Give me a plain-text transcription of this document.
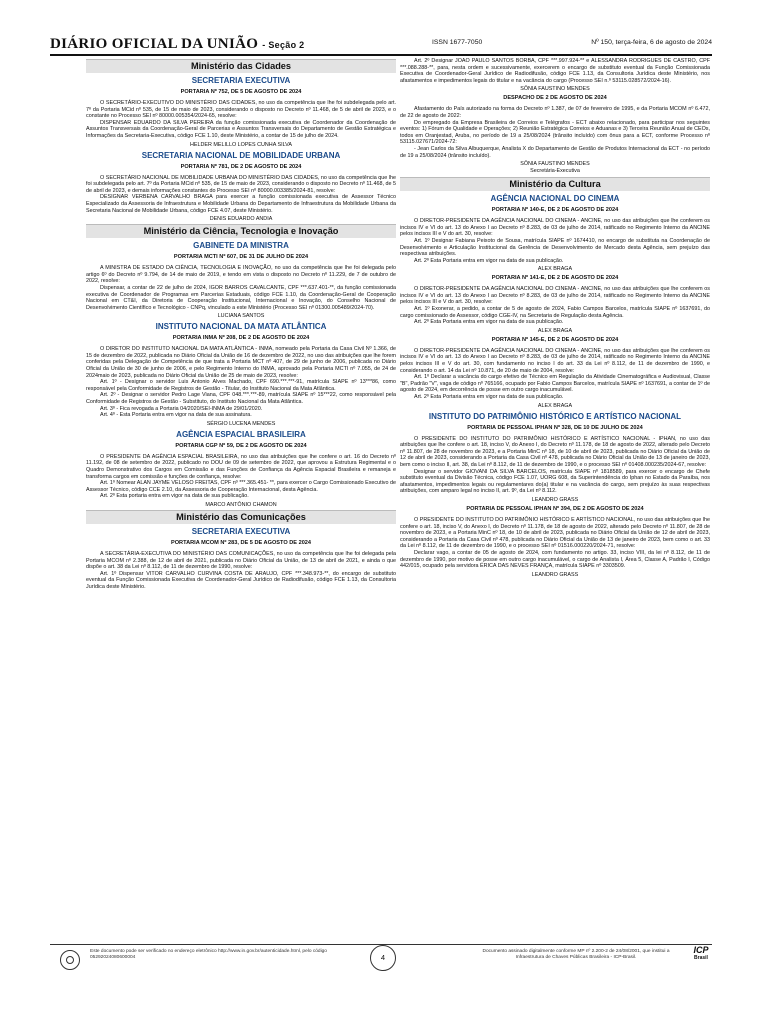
DIÁRIO OFICIAL DA UNIÃO - Seção 2	ISSN 1677-7050	Nº 150, terça-feira, 6 de agosto de 2024
Ministério das Cidades
SECRETARIA EXECUTIVA
PORTARIA Nº 752, DE 5 DE AGOSTO DE 2024

O SECRETÁRIO-EXECUTIVO DO MINISTÉRIO DAS CIDADES, no uso da competência que lhe foi subdelegada pelo art. 7º da Portaria MCid nº 535, de 15 de maio de 2023, considerando o disposto no Decreto nº 11.468, de 5 de abril de 2023, e o constante no Processo SEI nº 80000.005354/2024-65, resolve:

DISPENSAR EDUARDO DA SILVA PEREIRA da função comissionada executiva de Coordenador da Coordenação de Assuntos Transversais da Coordenação-Geral de Parcerias e Assuntos Transversais do Departamento de Gestão Estratégica e Informações da Secretaria-Executiva, código FCE 1.10, deste Ministério, a contar de 15 de julho de 2024.

HELDER MELILLO LOPES CUNHA SILVA
SECRETARIA NACIONAL DE MOBILIDADE URBANA
PORTARIA Nº 781, DE 2 DE AGOSTO DE 2024

O SECRETÁRIO NACIONAL DE MOBILIDADE URBANA DO MINISTÉRIO DAS CIDADES, no uso da competência que lhe foi subdelegada pelo art. 7º da Portaria MCid nº 535, de 15 de maio de 2023, considerando o disposto no Decreto nº 11.468, de 5 de abril de 2023, e demais informações constantes do Processo SEI nº 80000.003385/2024-81, resolve:

DESIGNAR VERBENA CARVALHO BRAGA para exercer a função comissionada executiva de Assessor Técnico Especializado da Assessoria de Infraestrutura e Mobilidade Urbana do Departamento de Infraestrutura da Mobilidade Urbana da Secretaria Nacional de Mobilidade Urbana, código FCE 4.07, deste Ministério.

DENIS EDUARDO ANDIA
Ministério da Ciência, Tecnologia e Inovação
GABINETE DA MINISTRA
PORTARIA MCTI Nº 607, DE 31 DE JULHO DE 2024

A MINISTRA DE ESTADO DA CIÊNCIA, TECNOLOGIA E INOVAÇÃO, no uso da competência que lhe foi delegada pelo artigo 6º do Decreto nº 9.794, de 14 de maio de 2019, e tendo em vista o disposto no Decreto nº 11.229, de 7 de outubro de 2022, resolve:

Dispensar, a contar de 22 de julho de 2024, IGOR BARROS CAVALCANTE, CPF ***.637.401-**, da função comissionada executiva de Coordenador de Programas em Parcerias Estaduais, código FCE 1.10, da Coordenação-Geral de Cooperação Nacional em CT&I, da Diretoria de Cooperação Institucional, Internacional e Inovação, do Conselho Nacional de Desenvolvimento Científico e Tecnológico - CNPq, vinculado a este Ministério (Processo SEI nº 01300.005489/2024-70).

LUCIANA SANTOS
INSTITUTO NACIONAL DA MATA ATLÂNTICA
PORTARIA INMA Nº 208, DE 2 DE AGOSTO DE 2024

O DIRETOR DO INSTITUTO NACIONAL DA MATA ATLÂNTICA - INMA, nomeado pela Portaria da Casa Civil Nº 1.366, de 15 de dezembro de 2022, publicada no Diário Oficial da União de 16 de dezembro de 2022, no uso das atribuições que lhe forem conferidas pela Delegação de Competência de que trata a Portaria MCT nº 407, de 29 de junho de 2006, publicada no Diário Oficial da União de 30 de junho de 2006, e pelo Regimento Interno do INMA, aprovado pela Portaria MCTI nº 7.055, de 24 de 2024maio de 2023, publicada no Diário Oficial da União de 25 de maio de 2023, resolve:

Art. 1º - Designar o servidor Luis Antonio Alves Machado, CPF 690.***.***-91, matrícula SIAPE nº 13***86, como responsável pela Conformidade de Registros de Gestão - Titular, do Instituto Nacional da Mata Atlântica.

Art. 2º - Designar o servidor Pedro Lage Viana, CPF 048.***.***-89, matrícula SIAPE nº 15***22, como responsável pela Conformidade de Registros de Gestão - Substituto, do Instituto Nacional da Mata Atlântica.

Art. 3º - Fica revogada a Portaria 04/2020/SEI-INMA de 29/01/2020.

Art. 4º - Esta Portaria entra em vigor na data de sua assinatura.

SÉRGIO LUCENA MENDES
AGÊNCIA ESPACIAL BRASILEIRA
PORTARIA CGP Nº 59, DE 2 DE AGOSTO DE 2024

O PRESIDENTE DA AGÊNCIA ESPACIAL BRASILEIRA, no uso das atribuições que lhe confere o art. 16 do Decreto nº 11.192, de 08 de setembro de 2022, publicado no DOU de 09 de setembro de 2022, que aprovou a Estrutura Regimental e o Quadro Demonstrativo dos Cargos em Comissão e das Funções de Confiança da Agência Espacial Brasileira e remaneja e transforma cargos em comissão e funções de confiança, resolve:

Art. 1º Nomear ALAN JAYME VELOSO FREITAS, CPF nº ***.365.451- **, para exercer o Cargo Comissionado Executivo de Assessor Técnico, código CCE 2.10, da Assessoria de Cooperação Internacional, desta Agência.

Art. 2º Esta portaria entra em vigor na data de sua publicação.

MARCO ANTÔNIO CHAMON
Ministério das Comunicações
SECRETARIA EXECUTIVA
PORTARIA MCOM Nº 283, DE 5 DE AGOSTO DE 2024

A SECRETÁRIA-EXECUTIVA DO MINISTÉRIO DAS COMUNICAÇÕES, no uso da competência que lhe foi delegada pela Portaria MCOM nº 2.388, de 12 de abril de 2021, publicada no Diário Oficial da União, de 13 de abril de 2021, e ainda o que dispõe o art. 38 da Lei nº 8.112, de 11 de dezembro de 1990, resolve:

Art. 1º Dispensar VITOR CARVALHO CURVINA COSTA DE ARAUJO, CPF ***.348.973-**, do encargo de substituto eventual da Função Comissionada Executiva de Coordenador-Geral Jurídico de Radiodifusão, código FCE 1.13, da Consultoria Jurídica deste Ministério.

Art. 2º Designar JOAO PAULO SANTOS BORBA, CPF ***.997.924-** e ALESSANDRA RODRIGUES DE CASTRO, CPF ***.088.288-**, para, nesta ordem e sucessivamente, exercerem o encargo de substituto eventual da Função Comissionada Executiva de Coordenador-Geral Jurídico de Radiodifusão, código FCE 1.13, da Consultoria Jurídica deste Ministério, nos afastamentos e impedimentos legais do titular e na vacância do cargo (Processo SEI n.º 53115.028572/2024-16).

SÔNIA FAUSTINO MENDES
DESPACHO DE 2 DE AGOSTO DE 2024

Afastamento do País autorizado na forma do Decreto nº 1.387, de 07 de fevereiro de 1995, e da Portaria MCOM nº 6.472, de 22 de agosto de 2022:

Do empregado da Empresa Brasileira de Correios e Telégrafos - ECT abaixo relacionado, para participar nos seguintes eventos: 1) Fórum de Qualidade e Operações; 2) Reunião Estratégica Correios e Aduanas e 3) Terceira Reunião Anual de CEOs, todos em Oranjestad, Aruba, no período de 19 a 25/08/2024 (trânsito incluído) com ônus para a ECT, conforme Processo nº 53115.027671/2024-72:

- Jean Carlos da Silva Albuquerque, Analista X do Departamento de Gestão de Produtos Internacional da ECT - no período de 19 a 25/08/2024 (trânsito incluído).

SÔNIA FAUSTINO MENDES
Secretária-Executiva
Ministério da Cultura
AGÊNCIA NACIONAL DO CINEMA
PORTARIA Nº 140-E, DE 2 DE AGOSTO DE 2024

O DIRETOR-PRESIDENTE DA AGÊNCIA NACIONAL DO CINEMA - ANCINE, no uso das atribuições que lhe conferem os incisos IV e VI do art. 13 do Anexo I ao Decreto nº 8.283, de 03 de julho de 2014, ratificado no Regimento Interno da ANCINE pelos incisos III e V do art. 30, resolve:

Art. 1º Designar Fabiana Peixoto de Sousa, matrícula SIAPE nº 1674410, no encargo de substituta na Coordenação de Desenvolvimento e Articulação Institucional da Gerência de Desenvolvimento de Mercado desta Agência, sem prejuízo das respectivas atribuições.

Art. 2º Esta Portaria entra em vigor na data de sua publicação.

ALEX BRAGA
PORTARIA Nº 141-E, DE 2 DE AGOSTO DE 2024

O DIRETOR-PRESIDENTE DA AGÊNCIA NACIONAL DO CINEMA - ANCINE, no uso das atribuições que lhe conferem os incisos IV e VI do art. 13 do Anexo I ao Decreto nº 8.283, de 03 de julho de 2014, ratificado no Regimento Interno da ANCINE pelos incisos III e V do art. 30, resolve:

Art. 1º Exonerar, a pedido, a contar de 5 de agosto de 2024, Fabio Campos Barcelos, matrícula SIAPE nº 1637691, do cargo comissionado de Assessor, código CGE-IV, na Secretaria de Regulação desta Agência.

Art. 2º Esta Portaria entra em vigor na data de sua publicação.

ALEX BRAGA
PORTARIA Nº 145-E, DE 2 DE AGOSTO DE 2024

O DIRETOR-PRESIDENTE DA AGÊNCIA NACIONAL DO CINEMA - ANCINE, no uso das atribuições que lhe conferem os incisos IV e VI do art. 13 do Anexo I ao Decreto nº 8.283, de 03 de julho de 2014, ratificado no Regimento Interno da ANCINE pelos incisos III e V do art. 30, com fundamento no inciso I do art. 33 da Lei nº 8.112, de 11 de dezembro de 1990, e considerando o art. 14 da Lei nº 10.871, de 20 de maio de 2004, resolve:

Art. 1º Declarar a vacância do cargo efetivo de Técnico em Regulação da Atividade Cinematográfica e Audiovisual, Classe "B", Padrão "V", vaga de código nº 765166, ocupado por Fabio Campos Barcelos, matrícula SIAPE nº 1637691, a contar de 1º de agosto de 2024, em decorrência de posse em outro cargo inacumulável.

Art. 2º Esta Portaria entra em vigor na data de sua publicação.

ALEX BRAGA
INSTITUTO DO PATRIMÔNIO HISTÓRICO E ARTÍSTICO NACIONAL
PORTARIA DE PESSOAL IPHAN Nº 328, DE 10 DE JULHO DE 2024

O PRESIDENTE DO INSTITUTO DO PATRIMÔNIO HISTÓRICO E ARTÍSTICO NACIONAL - IPHAN, no uso das atribuições que lhe confere o art. 18, inciso V, do Anexo I, do Decreto nº 11.178, de 18 de agosto de 2022, alterado pelo Decreto nº 11.807, de 28 de novembro de 2023, e a Portaria MinC nº 18, de 10 de abril de 2023, publicada no Diário Oficial da União de 12 de abril de 2023, considerando a Portaria da Casa Civil nº 478, publicada no Diário Oficial da União de 13 de janeiro de 2023, bem como o inciso II, art. 38, da Lei nº 8.112, de 11 de dezembro de 1990, e o processo SEI nº 01408.000235/2024-67, resolve:

Designar o servidor GIOVANI DA SILVA BARCELOS, matrícula SIAPE nº 1818589, para exercer o encargo de Chefe substituto eventual da Divisão Técnica, código FCE 1.07, UORG 608, da Superintendência do Iphan no Estado da Paraíba, nos afastamentos, impedimentos legais ou regulamentares do(a) titular e na vacância do cargo, sem prejuízo às suas respectivas atribuições, com amparo legal no inciso II, art. 9º, da Lei nº 8.112.

LEANDRO GRASS
PORTARIA DE PESSOAL IPHAN Nº 394, DE 2 DE AGOSTO DE 2024

O PRESIDENTE DO INSTITUTO DO PATRIMÔNIO HISTÓRICO E ARTÍSTICO NACIONAL, no uso das atribuições que lhe confere o art. 18, inciso V, do Anexo I, do Decreto nº 11.178, de 18 de agosto de 2022, alterado pelo Decreto nº 11.807, de 28 de novembro de 2023, e a Portaria MinC nº 18, de 10 de abril de 2023, publicada no Diário Oficial da União de 12 de abril de 2023, considerando a Portaria da Casa Civil nº 478, publicada no Diário Oficial da União de 13 de janeiro de 2023, bem como o art. 33 da Lei nº 8.112, de 11 de dezembro de 1990, e o processo SEI nº 01516.000220/2024-71, resolve:

Declarar vago, a contar de 05 de agosto de 2024, com fundamento no artigo. 33, inciso VIII, da lei nº 8.112, de 11 de dezembro de 1990, por motivo de posse em outro cargo inacumulável, o cargo de Analista I, Área 5, Classe A, Padrão I, Código 442/015, ocupado pela servidora ÉRICA DAS NEVES FRANÇA, matrícula SIAPE nº 3303509.

LEANDRO GRASS
Este documento pode ser verificado no endereço eletrônico http://www.in.gov.br/autenticidade.html, pelo código 05292024080600004	4
Documento assinado digitalmente conforme MP nº 2.200-2 de 24/08/2001, que institui a Infraestrutura de Chaves Públicas Brasileira - ICP-Brasil.
ICP
Brasil
